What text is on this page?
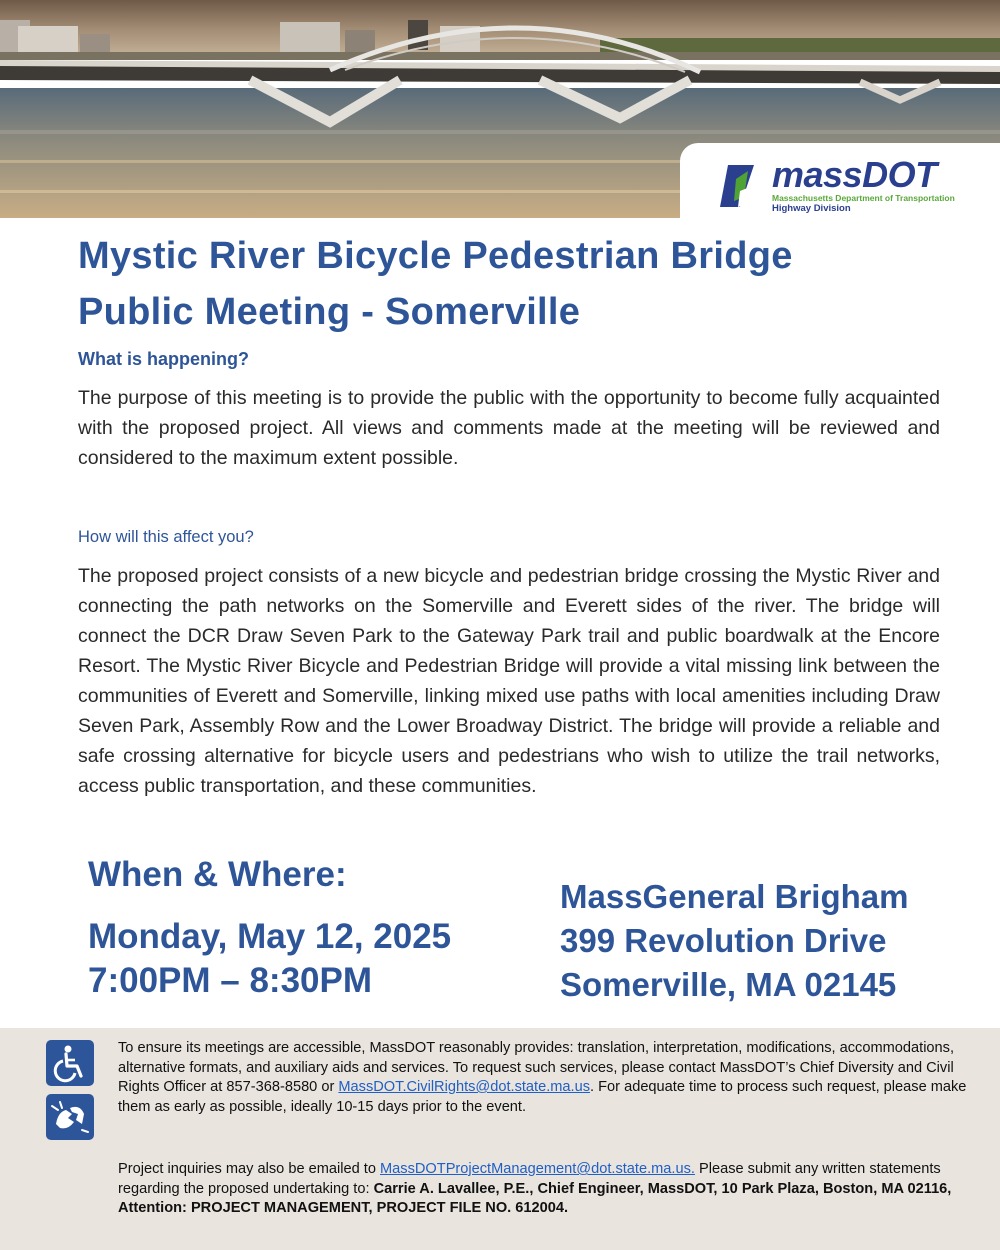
massDOT
Massachusetts Department of Transportation
Highway Division
Mystic River Bicycle Pedestrian Bridge
Public Meeting - Somerville
What is happening?
The purpose of this meeting is to provide the public with the opportunity to become fully acquainted with the proposed project. All views and comments made at the meeting will be reviewed and considered to the maximum extent possible.
How will this affect you?
The proposed project consists of a new bicycle and pedestrian bridge crossing the Mystic River and connecting the path networks on the Somerville and Everett sides of the river. The bridge will connect the DCR Draw Seven Park to the Gateway Park trail and public boardwalk at the Encore Resort. The Mystic River Bicycle and Pedestrian Bridge will provide a vital missing link between the communities of Everett and Somerville, linking mixed use paths with local amenities including Draw Seven Park, Assembly Row and the Lower Broadway District. The bridge will provide a reliable and safe crossing alternative for bicycle users and pedestrians who wish to utilize the trail networks, access public transportation, and these communities.
When & Where:
Monday, May 12, 2025
7:00PM – 8:30PM
MassGeneral Brigham
399 Revolution Drive
Somerville, MA 02145
To ensure its meetings are accessible, MassDOT reasonably provides: translation, interpretation, modifications, accommodations, alternative formats, and auxiliary aids and services. To request such services, please contact MassDOT’s Chief Diversity and Civil Rights Officer at 857-368-8580 or MassDOT.CivilRights@dot.state.ma.us. For adequate time to process such request, please make them as early as possible, ideally 10-15 days prior to the event.
Project inquiries may also be emailed to MassDOTProjectManagement@dot.state.ma.us. Please submit any written statements regarding the proposed undertaking to: Carrie A. Lavallee, P.E., Chief Engineer, MassDOT, 10 Park Plaza, Boston, MA 02116, Attention: PROJECT MANAGEMENT, PROJECT FILE NO. 612004.
